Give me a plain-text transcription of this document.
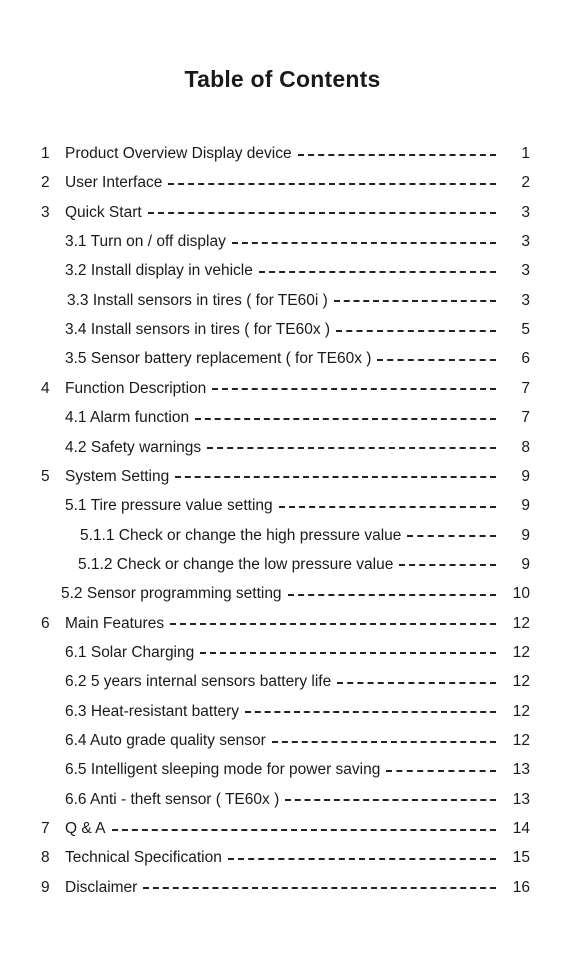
Table of Contents
1 Product Overview Display device	1
2 User Interface	2
3 Quick Start	3
3.1 Turn on / off display	3
3.2 Install display in vehicle	3
3.3 Install sensors in tires ( for TE60i )	3
3.4 Install sensors in tires ( for TE60x )	5
3.5 Sensor battery replacement ( for TE60x )	6
4 Function Description	7
4.1 Alarm function	7
4.2 Safety warnings	8
5 System Setting	9
5.1 Tire pressure value setting	9
5.1.1 Check or change the high pressure value	9
5.1.2 Check or change the low pressure value	9
5.2 Sensor programming setting	10
6 Main Features	12
6.1 Solar Charging	12
6.2 5 years internal sensors battery life	12
6.3 Heat-resistant battery	12
6.4 Auto grade quality sensor	12
6.5 Intelligent sleeping mode for power saving	13
6.6 Anti - theft sensor ( TE60x )	13
7 Q & A	14
8 Technical Specification	15
9 Disclaimer	16
